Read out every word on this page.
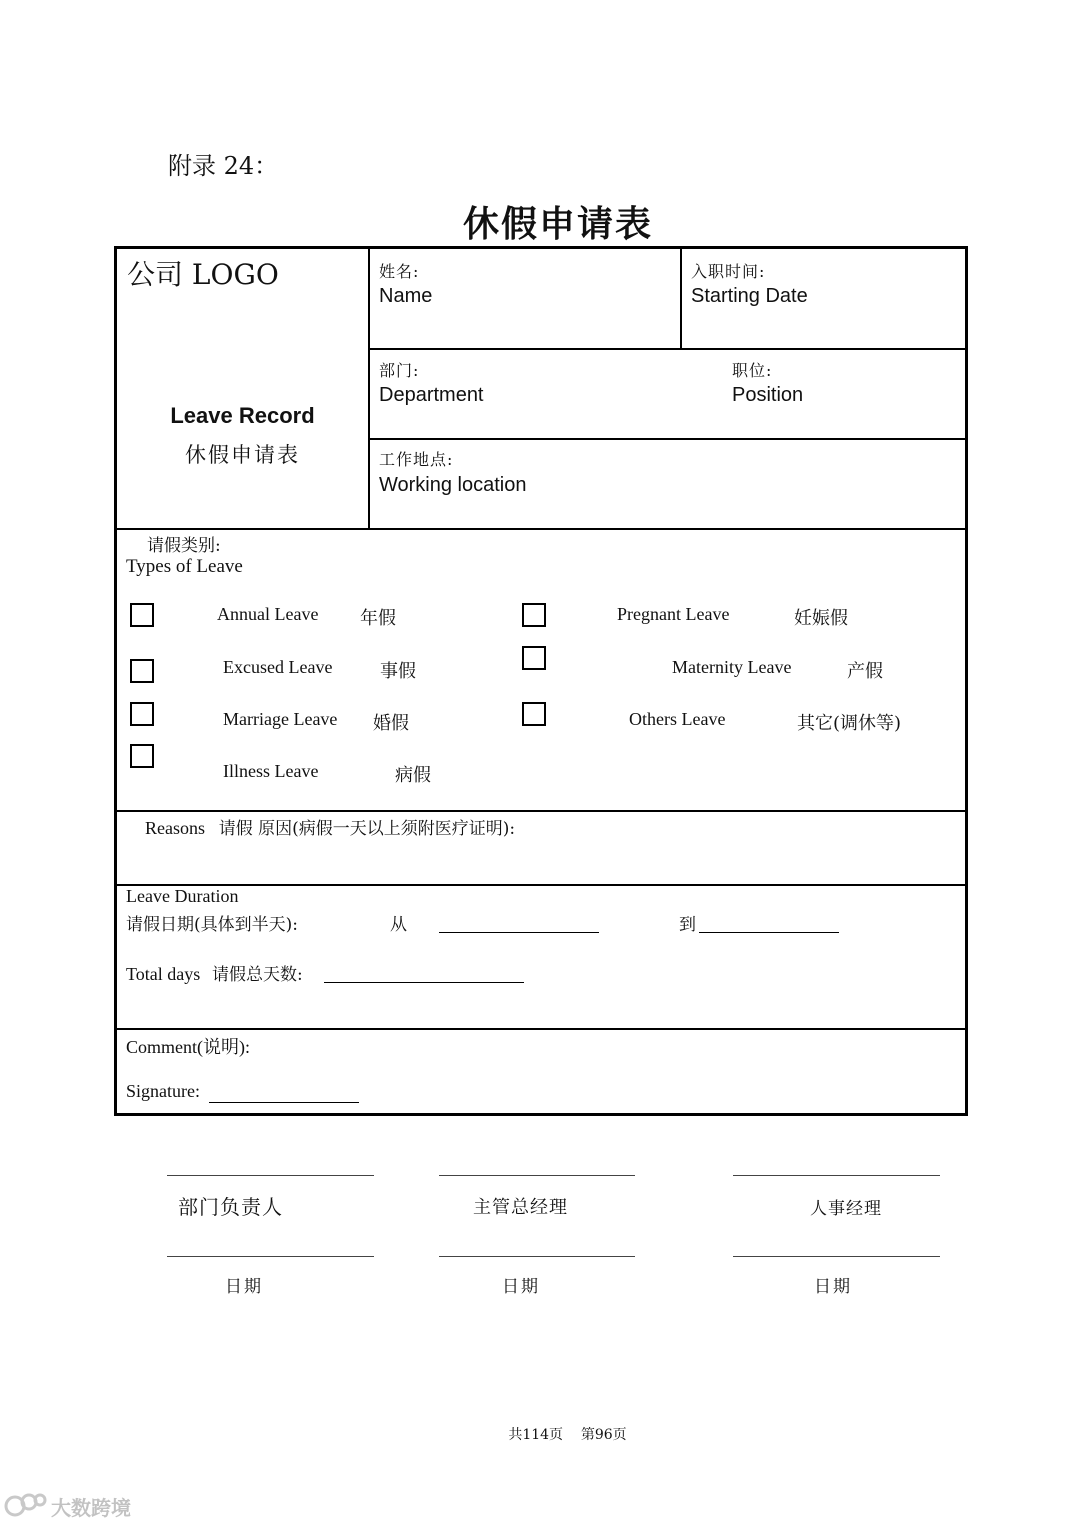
附录 24：
休假申请表
公司 LOGO
Leave Record
休假申请表
姓名:
Name
入职时间:
Starting Date
部门:
Department
职位:
Position
工作地点:
Working location
请假类别:
Types of Leave
Annual Leave 年假
Excused Leave	事假
Marriage Leave 婚假
Illness Leave	病假
Pregnant Leave	妊娠假
Maternity Leave	产假
Others Leave	其它(调休等)
Reasons 请假 原因(病假一天以上须附医疗证明):
Leave Duration
请假日期(具体到半天):	从	到
Total days 请假总天数:
Comment(说明):
Signature:
部门负责人
日期
主管总经理
日期
人事经理
日期
共114页    第96页
大数跨境
